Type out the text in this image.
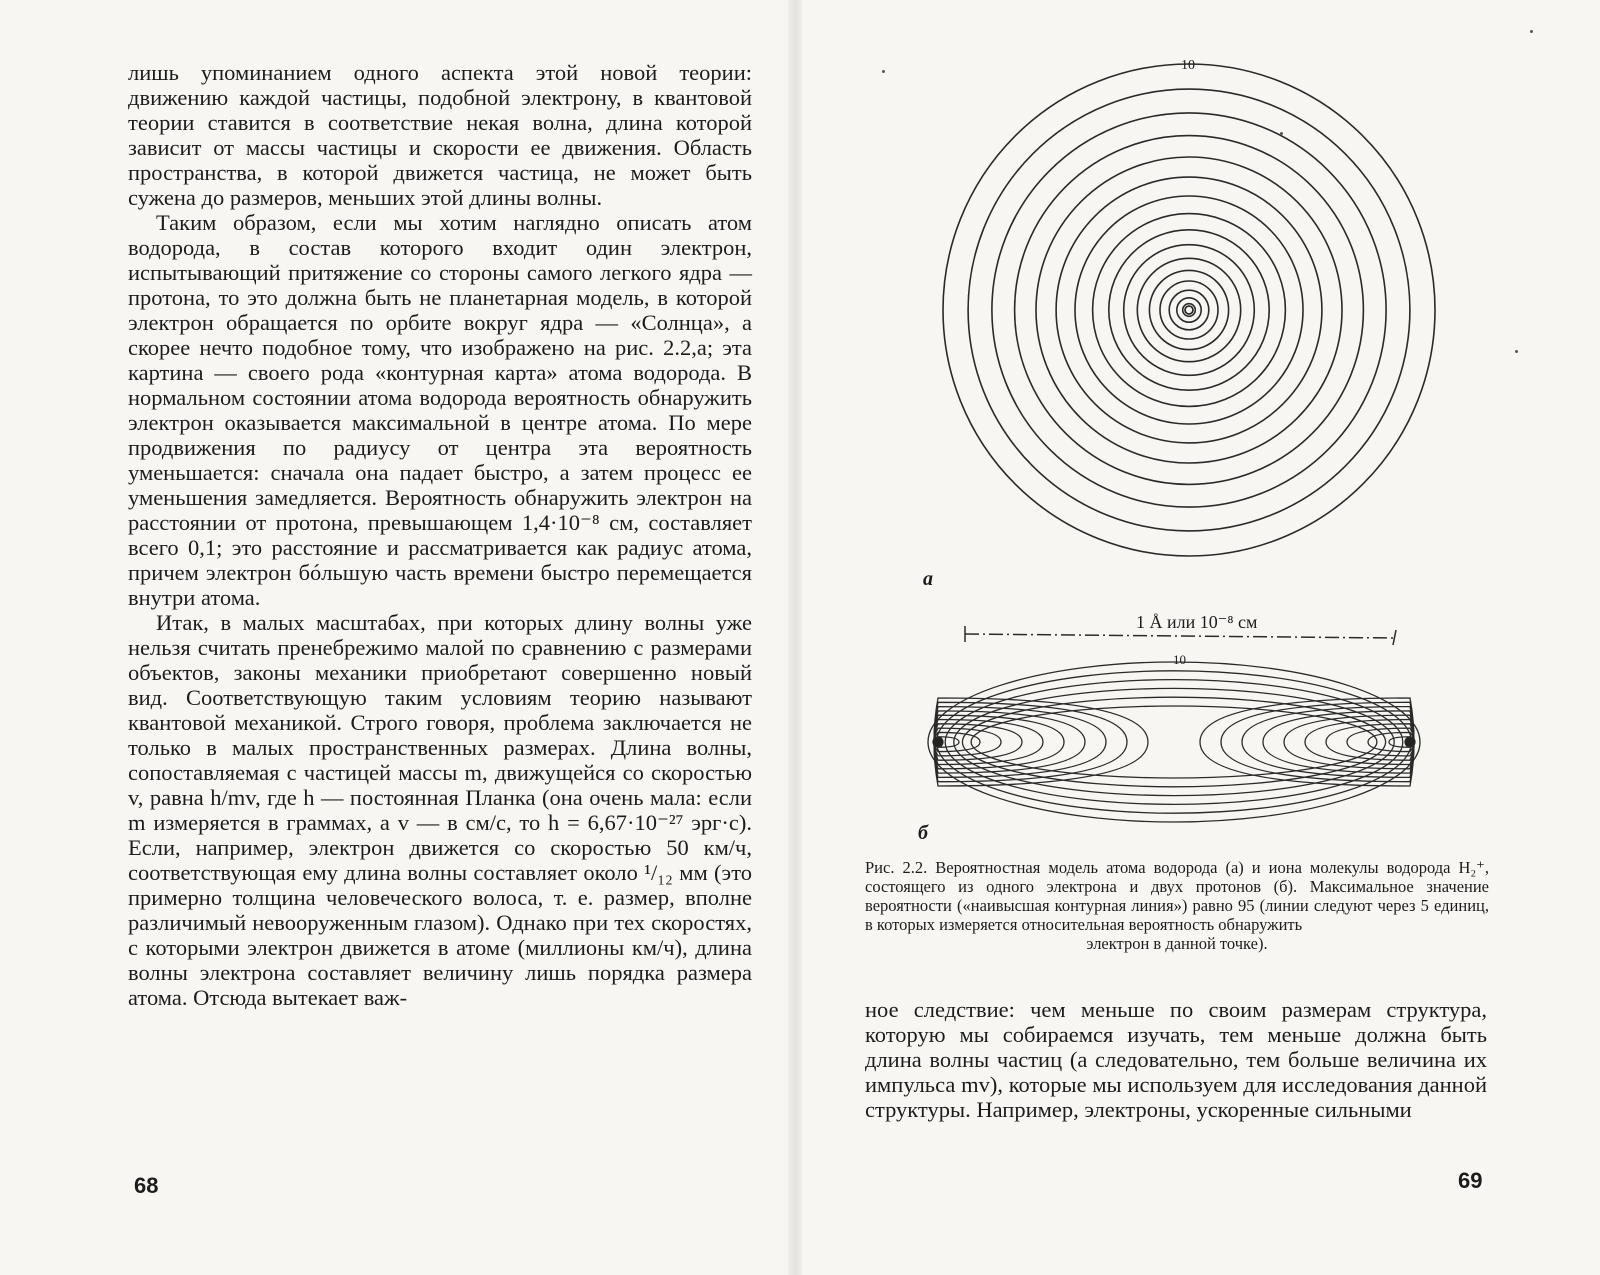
лишь упоминанием одного аспекта этой новой теории: движению каждой частицы, подобной электрону, в квантовой теории ставится в соответствие некая волна, длина которой зависит от массы частицы и скорости ее движения. Область пространства, в которой движется частица, не может быть сужена до размеров, меньших этой длины волны.

Таким образом, если мы хотим наглядно описать атом водорода, в состав которого входит один электрон, испытывающий притяжение со стороны самого легкого ядра — протона, то это должна быть не планетарная модель, в которой электрон обращается по орбите вокруг ядра — «Солнца», а скорее нечто подобное тому, что изображено на рис. 2.2,а; эта картина — своего рода «контурная карта» атома водорода. В нормальном состоянии атома водорода вероятность обнаружить электрон оказывается максимальной в центре атома. По мере продвижения по радиусу от центра эта вероятность уменьшается: сначала она падает быстро, а затем процесс ее уменьшения замедляется. Вероятность обнаружить электрон на расстоянии от протона, превышающем 1,4·10⁻⁸ см, составляет всего 0,1; это расстояние и рассматривается как радиус атома, причем электрон бóльшую часть времени быстро перемещается внутри атома.

Итак, в малых масштабах, при которых длину волны уже нельзя считать пренебрежимо малой по сравнению с размерами объектов, законы механики приобретают совершенно новый вид. Соответствующую таким условиям теорию называют квантовой механикой. Строго говоря, проблема заключается не только в малых пространственных размерах. Длина волны, сопоставляемая с частицей массы m, движущейся со скоростью v, равна h/mv, где h — постоянная Планка (она очень мала: если m измеряется в граммах, а v — в см/с, то h = 6,67·10⁻²⁷ эрг·с). Если, например, электрон движется со скоростью 50 км/ч, соответствующая ему длина волны составляет около ¹/₁₂ мм (это примерно толщина человеческого волоса, т. е. размер, вполне различимый невооруженным глазом). Однако при тех скоростях, с которыми электрон движется в атоме (миллионы км/ч), длина волны электрона составляет величину лишь порядка размера атома. Отсюда вытекает важ-

68
10
а
1 Å или 10⁻⁸ см
10
б
Рис. 2.2. Вероятностная модель атома водорода (а) и иона молекулы водорода H₂⁺, состоящего из одного электрона и двух протонов (б). Максимальное значение вероятности («наивысшая контурная линия») равно 95 (линии следуют через 5 единиц, в которых измеряется относительная вероятность обнаружить
электрон в данной точке).

ное следствие: чем меньше по своим размерам структура, которую мы собираемся изучать, тем меньше должна быть длина волны частиц (а следовательно, тем больше величина их импульса mv), которые мы используем для исследования данной структуры. Например, электроны, ускоренные сильными

69
